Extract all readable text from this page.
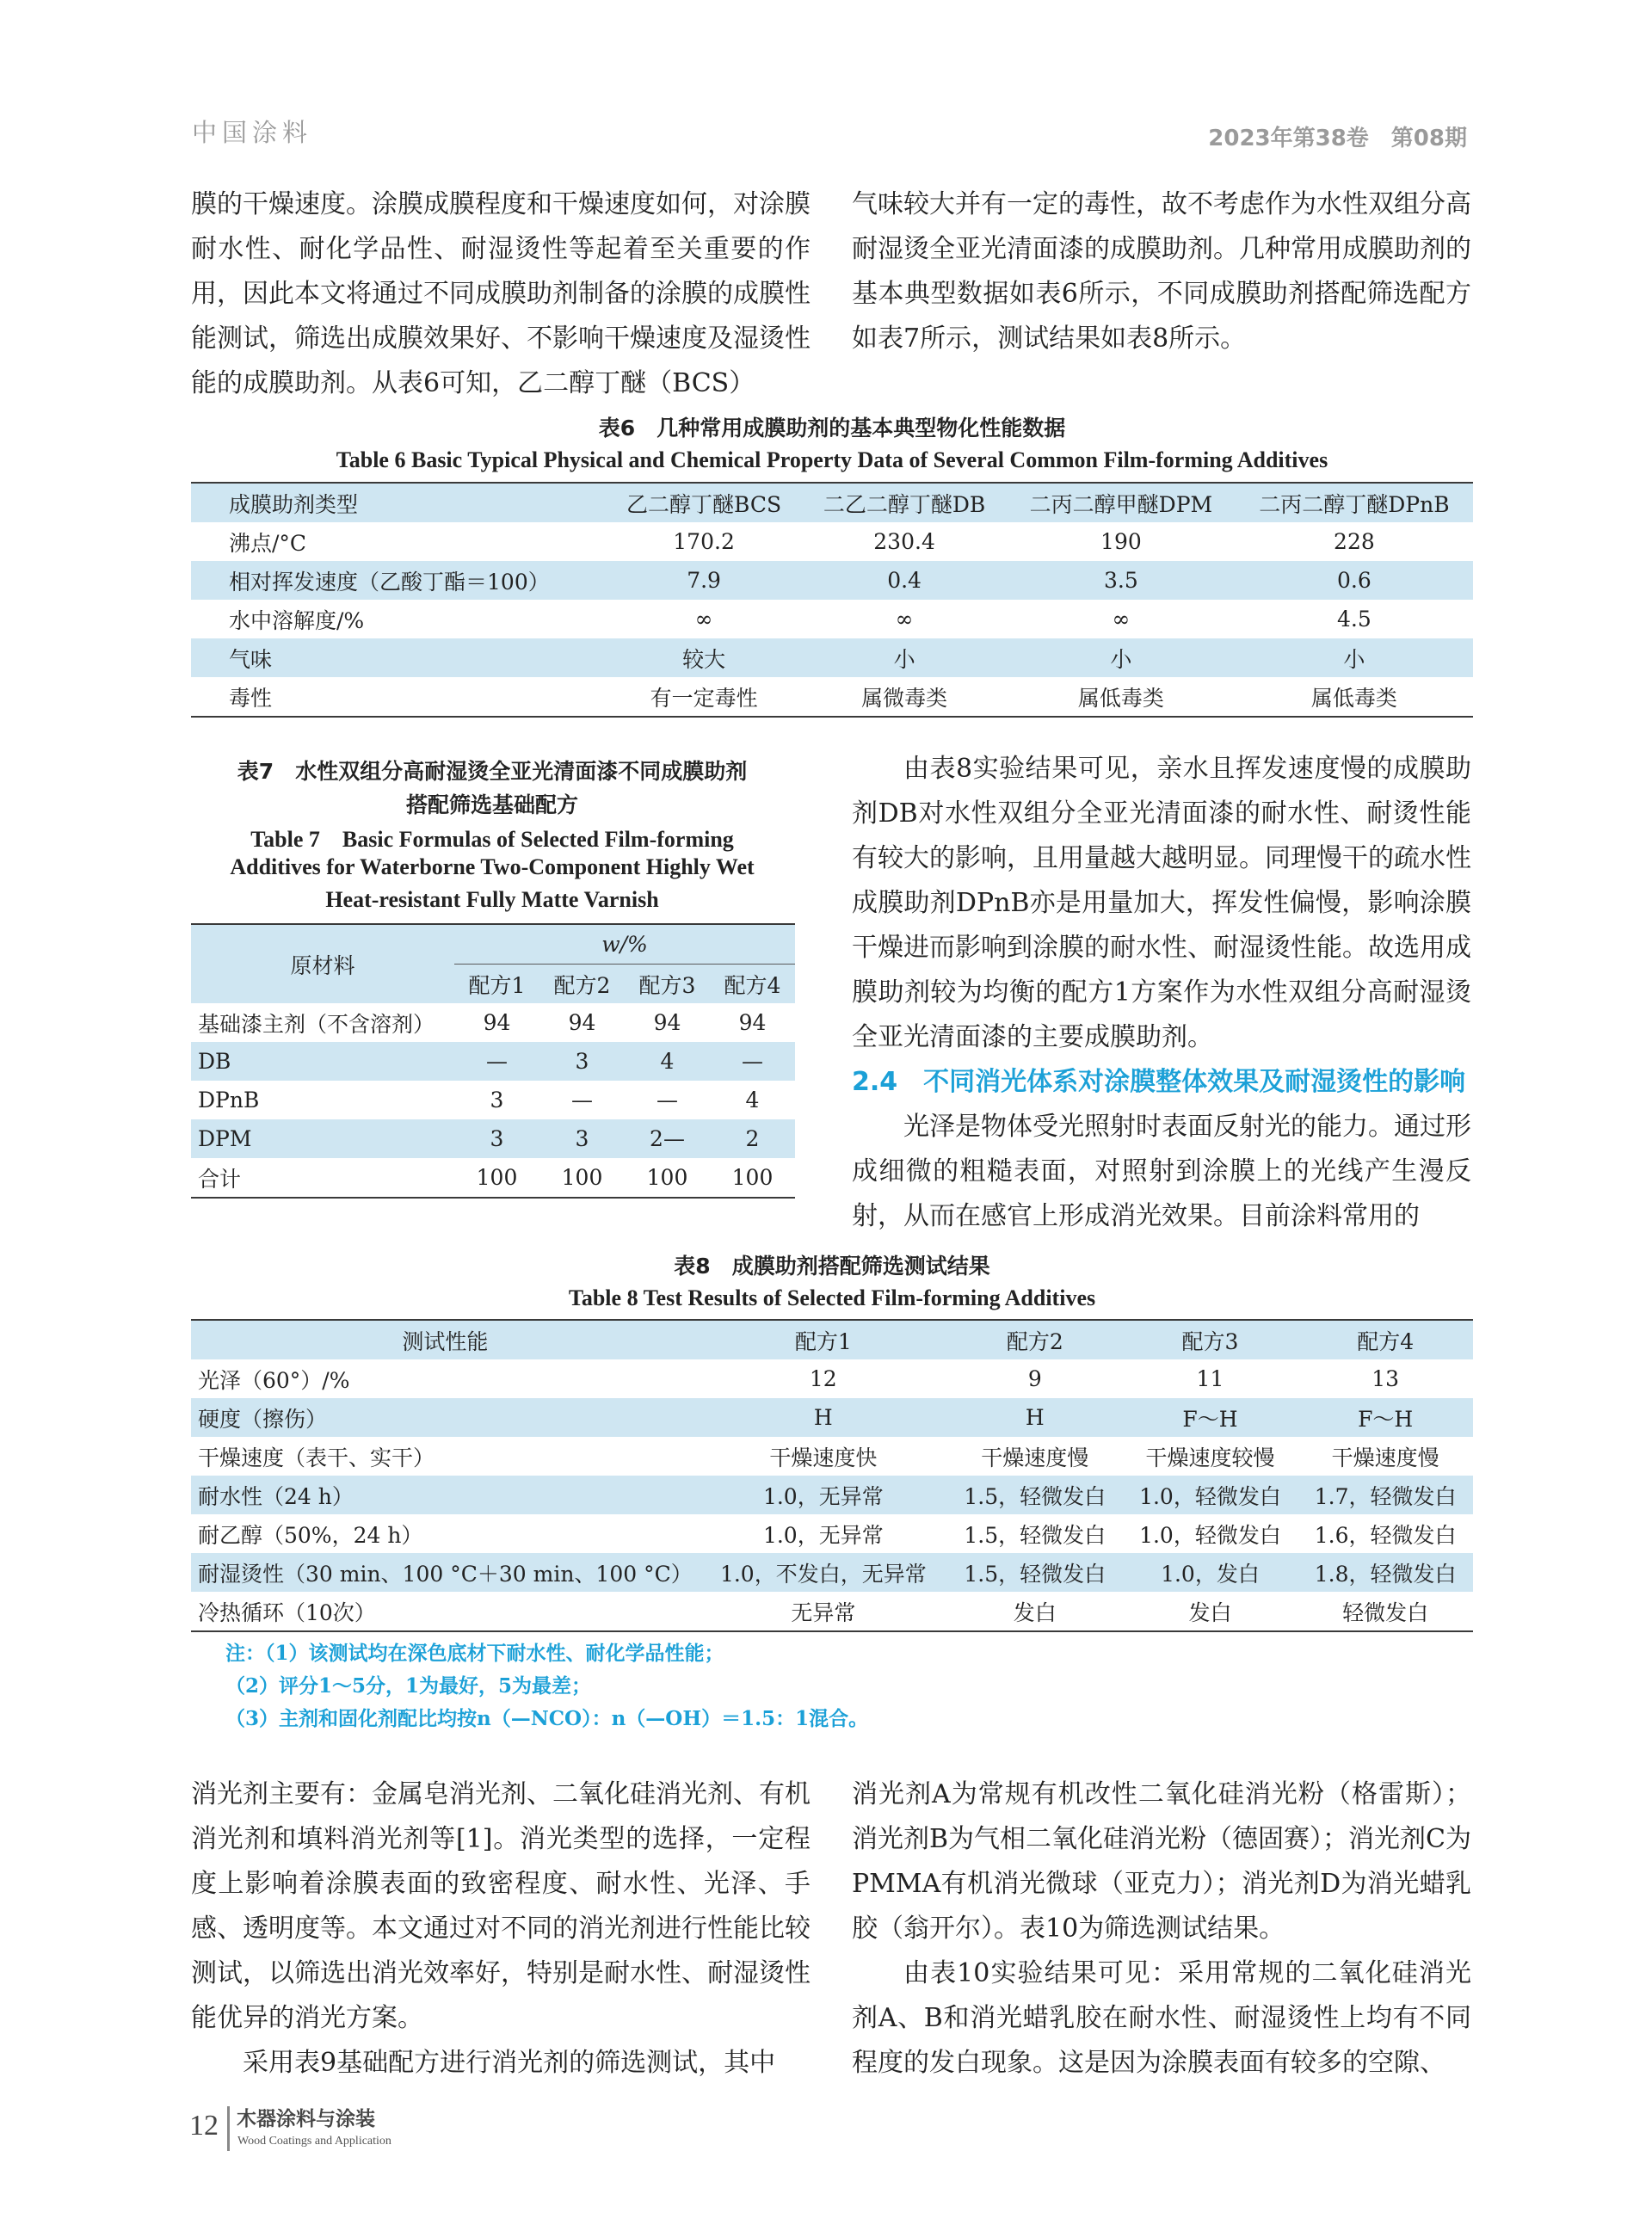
中国涂料	2023年第38卷　第08期

膜的干燥速度。涂膜成膜程度和干燥速度如何，对涂膜耐水性、耐化学品性、耐湿烫性等起着至关重要的作用，因此本文将通过不同成膜助剂制备的涂膜的成膜性能测试，筛选出成膜效果好、不影响干燥速度及湿烫性能的成膜助剂。从表6可知，乙二醇丁醚（BCS）

气味较大并有一定的毒性，故不考虑作为水性双组分高耐湿烫全亚光清面漆的成膜助剂。几种常用成膜助剂的基本典型数据如表6所示，不同成膜助剂搭配筛选配方如表7所示，测试结果如表8所示。

表6　几种常用成膜助剂的基本典型物化性能数据
Table 6 Basic Typical Physical and Chemical Property Data of Several Common Film-forming Additives
成膜助剂类型	乙二醇丁醚BCS	二乙二醇丁醚DB	二丙二醇甲醚DPM	二丙二醇丁醚DPnB
沸点/°C	170.2	230.4	190	228
相对挥发速度（乙酸丁酯＝100）	7.9	0.4	3.5	0.6
水中溶解度/%	∞	∞	∞	4.5
气味	较大	小	小	小
毒性	有一定毒性	属微毒类	属低毒类	属低毒类
表7　水性双组分高耐湿烫全亚光清面漆不同成膜助剂
搭配筛选基础配方
Table 7　Basic Formulas of Selected Film-forming
Additives for Waterborne Two-Component Highly Wet
Heat-resistant Fully Matte Varnish
原材料	w/%			
	配方1	配方2	配方3	配方4
基础漆主剂（不含溶剂）	94	94	94	94
DB	—	3	4	—
DPnB	3	—	—	4
DPM	3	3	2—	2
合计	100	100	100	100

由表8实验结果可见，亲水且挥发速度慢的成膜助剂DB对水性双组分全亚光清面漆的耐水性、耐烫性能有较大的影响，且用量越大越明显。同理慢干的疏水性成膜助剂DPnB亦是用量加大，挥发性偏慢，影响涂膜干燥进而影响到涂膜的耐水性、耐湿烫性能。故选用成膜助剂较为均衡的配方1方案作为水性双组分高耐湿烫全亚光清面漆的主要成膜助剂。

2.4　不同消光体系对涂膜整体效果及耐湿烫性的影响

光泽是物体受光照射时表面反射光的能力。通过形成细微的粗糙表面，对照射到涂膜上的光线产生漫反射，从而在感官上形成消光效果。目前涂料常用的

表8　成膜助剂搭配筛选测试结果
Table 8 Test Results of Selected Film-forming Additives
测试性能	配方1	配方2	配方3	配方4
光泽（60°）/%	12	9	11	13
硬度（擦伤）	H	H	F～H	F～H
干燥速度（表干、实干）	干燥速度快	干燥速度慢	干燥速度较慢	干燥速度慢
耐水性（24 h）	1.0，无异常	1.5，轻微发白	1.0，轻微发白	1.7，轻微发白
耐乙醇（50%，24 h）	1.0，无异常	1.5，轻微发白	1.0，轻微发白	1.6，轻微发白
耐湿烫性（30 min、100 °C＋30 min、100 °C）	1.0，不发白，无异常	1.5，轻微发白	1.0，发白	1.8，轻微发白
冷热循环（10次）	无异常	发白	发白	轻微发白
注：（1）该测试均在深色底材下耐水性、耐化学品性能；
（2）评分1～5分，1为最好，5为最差；
（3）主剂和固化剂配比均按n（—NCO）：n（—OH）＝1.5：1混合。

消光剂主要有：金属皂消光剂、二氧化硅消光剂、有机消光剂和填料消光剂等[1]。消光类型的选择，一定程度上影响着涂膜表面的致密程度、耐水性、光泽、手感、透明度等。本文通过对不同的消光剂进行性能比较测试，以筛选出消光效率好，特别是耐水性、耐湿烫性能优异的消光方案。

采用表9基础配方进行消光剂的筛选测试，其中

消光剂A为常规有机改性二氧化硅消光粉（格雷斯）；消光剂B为气相二氧化硅消光粉（德固赛）；消光剂C为PMMA有机消光微球（亚克力）；消光剂D为消光蜡乳胶（翁开尔）。表10为筛选测试结果。

由表10实验结果可见：采用常规的二氧化硅消光剂A、B和消光蜡乳胶在耐水性、耐湿烫性上均有不同程度的发白现象。这是因为涂膜表面有较多的空隙、

12 木器涂料与涂装
Wood Coatings and Application
